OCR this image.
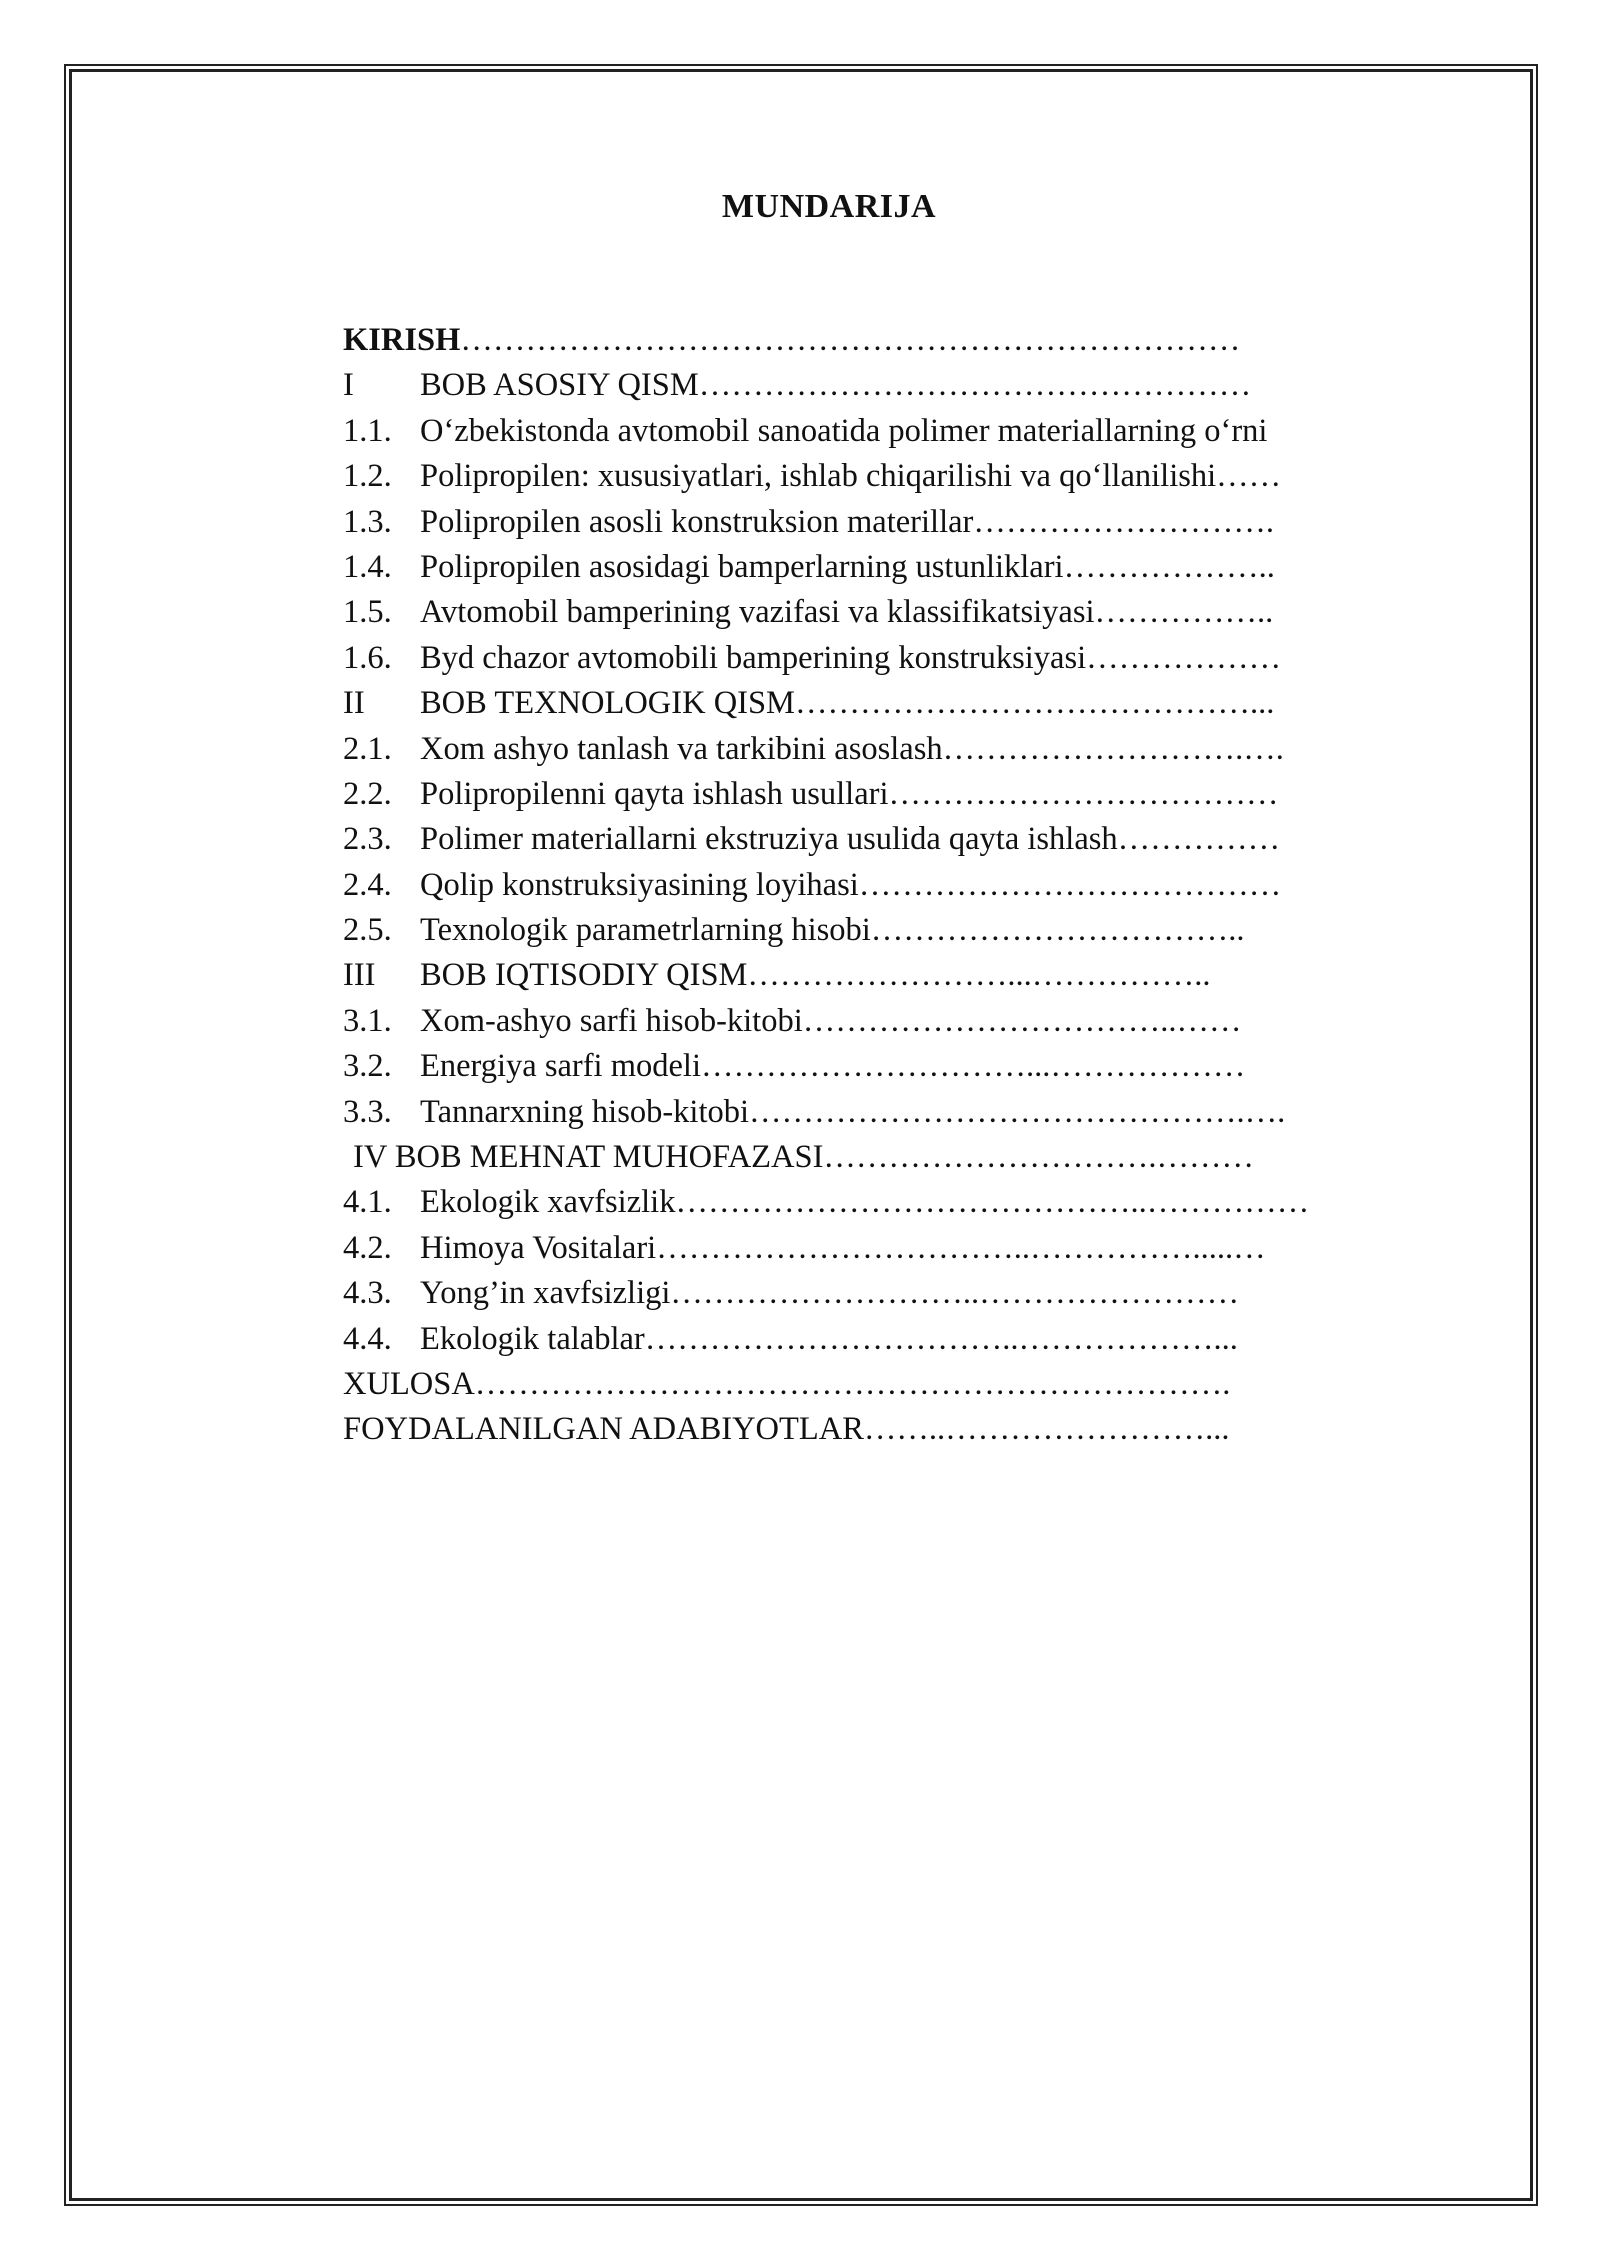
MUNDARIJA
KIRISH………………………………………………………………
I BOB ASOSIY QISM……………………………………………
1.1. O‘zbekistonda avtomobil sanoatida polimer materiallarning o‘rni
1.2. Polipropilen: xususiyatlari, ishlab chiqarilishi va qo‘llanilishi……
1.3. Polipropilen asosli konstruksion materillar……………………….
1.4. Polipropilen asosidagi bamperlarning ustunliklari………………..
1.5. Avtomobil bamperining vazifasi va klassifikatsiyasi……………..
1.6. Byd chazor avtomobili bamperining konstruksiyasi………………
II BOB TEXNOLOGIK QISM……………………………………...
2.1. Xom ashyo tanlash va tarkibini asoslash……………………….….
2.2. Polipropilenni qayta ishlash usullari………………………………
2.3. Polimer materiallarni ekstruziya usulida qayta ishlash……………
2.4. Qolip konstruksiyasining loyihasi…………………………………
2.5. Texnologik parametrlarning hisobi……………………………..
III BOB IQTISODIY QISM……………………...……………..
3.1. Xom-ashyo sarfi hisob-kitobi……………………………..……
3.2. Energiya sarfi modeli…………………………...………………
3.3. Tannarxning hisob-kitobi……………………………………….….
IV BOB MEHNAT MUHOFAZASI………………………….………
4.1. Ekologik xavfsizlik……………………………………..……………
4.2. Himoya Vositalari……………………………..…………….....…
4.3. Yong’in xavfsizligi………………………..……………………
4.4. Ekologik talablar……………………………..………………...
XULOSA…………………………………………………………….
FOYDALANILGAN ADABIYOTLAR……..……………………...
